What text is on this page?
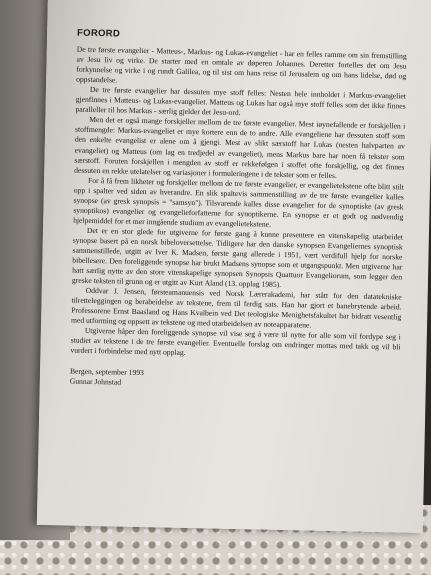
FORORD

De tre første evangelier - Matteus-, Markus- og Lukas-evangeliet - har en felles ramme om sin fremstilling av Jesu liv og virke. De starter med en omtale av døperen Johannes. Deretter fortelles det om Jesu forkynnelse og virke i og rundt Galilea, og til sist om hans reise til Jerusalem og om hans lidelse, død og oppstandelse.

De tre første evangelier har dessuten mye stoff felles: Nesten hele innholdet i Markus-evangeliet gjenfinnes i Matteus- og Lukas-evangeliet. Matteus og Lukas har også mye stoff felles som det ikke finnes paralleller til hos Markus - særlig gjelder det Jesu-ord.

Men det er også mange forskjeller mellom de tre første evangelier. Mest iøynefallende er forskjellen i stoffmengde: Markus-evangeliet er mye kortere enn de to andre. Alle evangeliene har dessuten stoff som den enkelte evangelist er alene om å gjengi. Mest av slikt særstoff har Lukas (nesten halvparten av evangeliet) og Matteus (om lag en tredjedel av evangeliet), mens Markus bare har noen få tekster som særstoff. Foruten forskjellen i mengden av stoff er rekkefølgen i stoffet ofte forskjellig, og det finnes dessuten en rekke utelatelser og variasjoner i formuleringene i de tekster som er felles.

For å få frem likheter og forskjeller mellom de tre første evangelier, er evangelietekstene ofte blitt stilt opp i spalter ved siden av hverandre. En slik spaltevis sammenstilling av de tre første evangelier kalles synopse (av gresk synopsis = "samsyn"). Tilsvarende kalles disse evangelier for de synoptiske (av gresk synoptikos) evangelier og evangelieforfatterne for synoptikerne. En synopse er et godt og nødvendig hjelpemiddel for et mer inngående studium av evangelietekstene.

Det er en stor glede for utgiverne for første gang å kunne presentere en vitenskapelig utarbeidet synopse basert på en norsk bibeloversettelse. Tidligere har den danske synopsen Evangeliernes synoptisk sammenstillede, utgitt av Iver K. Madsen, første gang allerede i 1951, vært verdifull hjelp for norske bibellesere. Den foreliggende synopse har brukt Madsens synopse som et utgangspunkt. Men utgiverne har hatt særlig nytte av den store vitenskapelige synopsen Synopsis Quattuor Evangeliorum, som legger den greske teksten til grunn og er utgitt av Kurt Aland (13. opplag 1985).

Oddvar J. Jensen, førsteamanuensis ved Norsk Lærerakademi, har stått for den datatekniske tilretteleggingen og berabeidelse av tekstene, frem til ferdig sats. Han har gjort et banebrytende arbeid. Professorene Ernst Baasland og Hans Kvalbein ved Det teologiske Menighetsfakultet har bidratt vesentlig med utforming og oppsett av tekstene og med utarbeidelsen av noteapparatene.

Utgiverne håper den foreliggende synopse vil vise seg å være til nytte for alle som vil fordype seg i studiet av tekstene i de tre første evangelier. Eventuelle forslag om endringer mottas med takk og vil bli vurdert i forbindelse med nytt opplag.

Bergen, september 1993
Gunnar Johnstad
